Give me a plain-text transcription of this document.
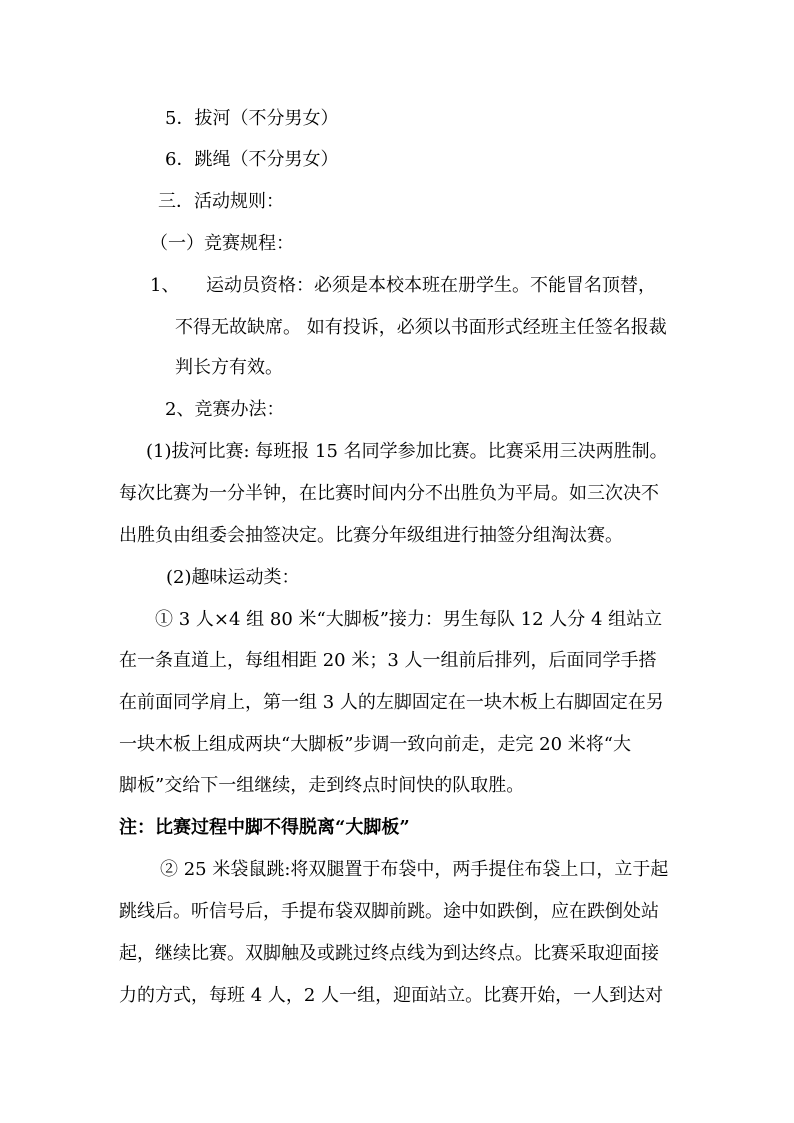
5．拔河（不分男女）
6．跳绳（不分男女）
三．活动规则：
（一）竞赛规程：
1、 运动员资格：必须是本校本班在册学生。不能冒名顶替，
不得无故缺席。 如有投诉，必须以书面形式经班主任签名报裁
判长方有效。
2、竞赛办法：
(1)拔河比赛: 每班报 15 名同学参加比赛。比赛采用三决两胜制。
每次比赛为一分半钟，在比赛时间内分不出胜负为平局。如三次决不
出胜负由组委会抽签决定。比赛分年级组进行抽签分组淘汰赛。
(2)趣味运动类：
① 3 人×4 组 80 米“大脚板”接力：男生每队 12 人分 4 组站立
在一条直道上，每组相距 20 米；3 人一组前后排列，后面同学手搭
在前面同学肩上，第一组 3 人的左脚固定在一块木板上右脚固定在另
一块木板上组成两块“大脚板”步调一致向前走，走完 20 米将“大
脚板”交给下一组继续，走到终点时间快的队取胜。
注：比赛过程中脚不得脱离“大脚板”
② 25 米袋鼠跳:将双腿置于布袋中，两手提住布袋上口，立于起
跳线后。听信号后，手提布袋双脚前跳。途中如跌倒，应在跌倒处站
起，继续比赛。双脚触及或跳过终点线为到达终点。比赛采取迎面接
力的方式，每班 4 人，2 人一组，迎面站立。比赛开始，一人到达对
